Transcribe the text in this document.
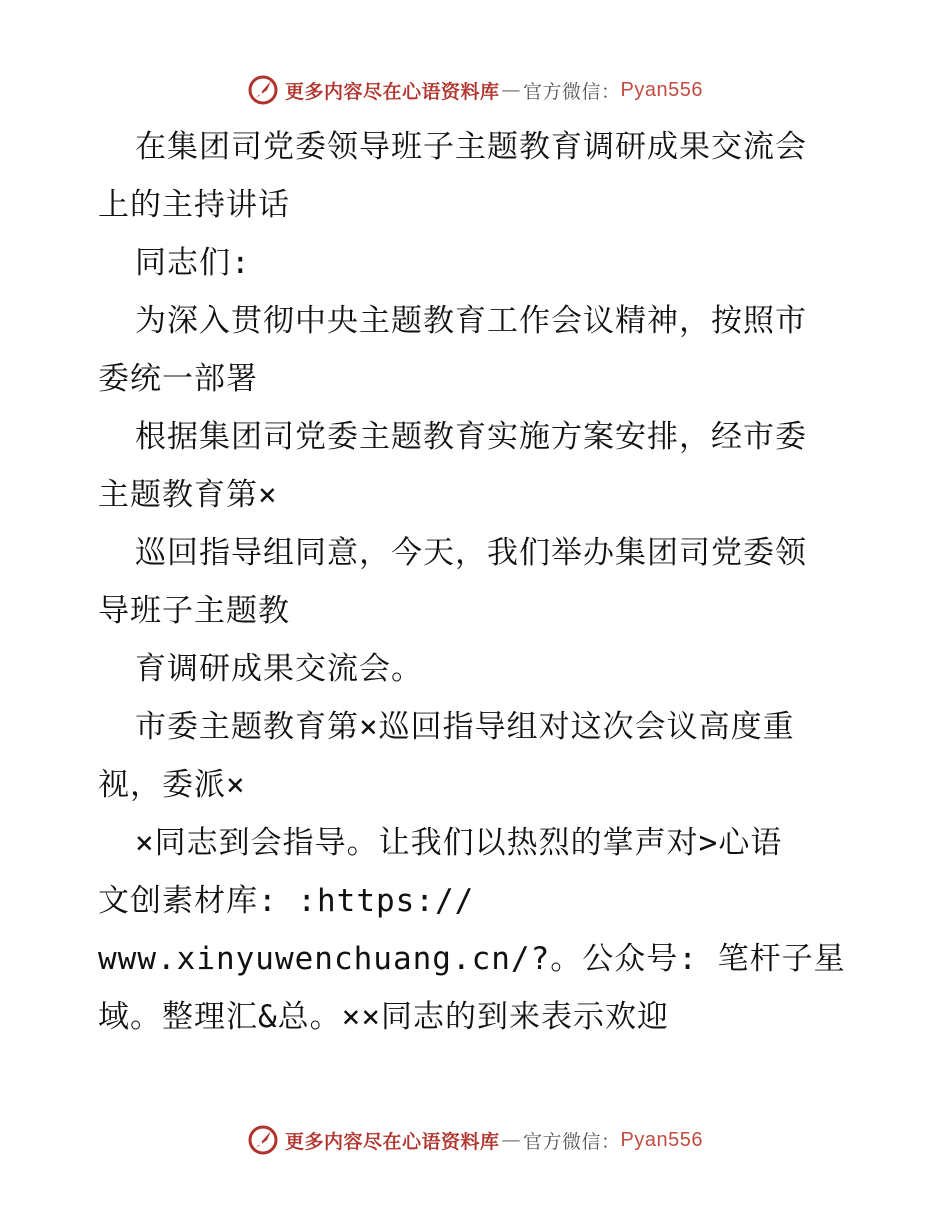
更多内容尽在心语资料库 — 官方微信： Pyan556
在集团司党委领导班子主题教育调研成果交流会
上的主持讲话
同志们:
为深入贯彻中央主题教育工作会议精神，按照市
委统一部署
根据集团司党委主题教育实施方案安排，经市委
主题教育第×
巡回指导组同意，今天，我们举办集团司党委领
导班子主题教
育调研成果交流会。
市委主题教育第×巡回指导组对这次会议高度重
视，委派×
×同志到会指导。让我们以热烈的掌声对>心语
文创素材库: :https://
www.xinyuwenchuang.cn/?。公众号: 笔杆子星
域。整理汇&总。××同志的到来表示欢迎
更多内容尽在心语资料库 — 官方微信： Pyan556
